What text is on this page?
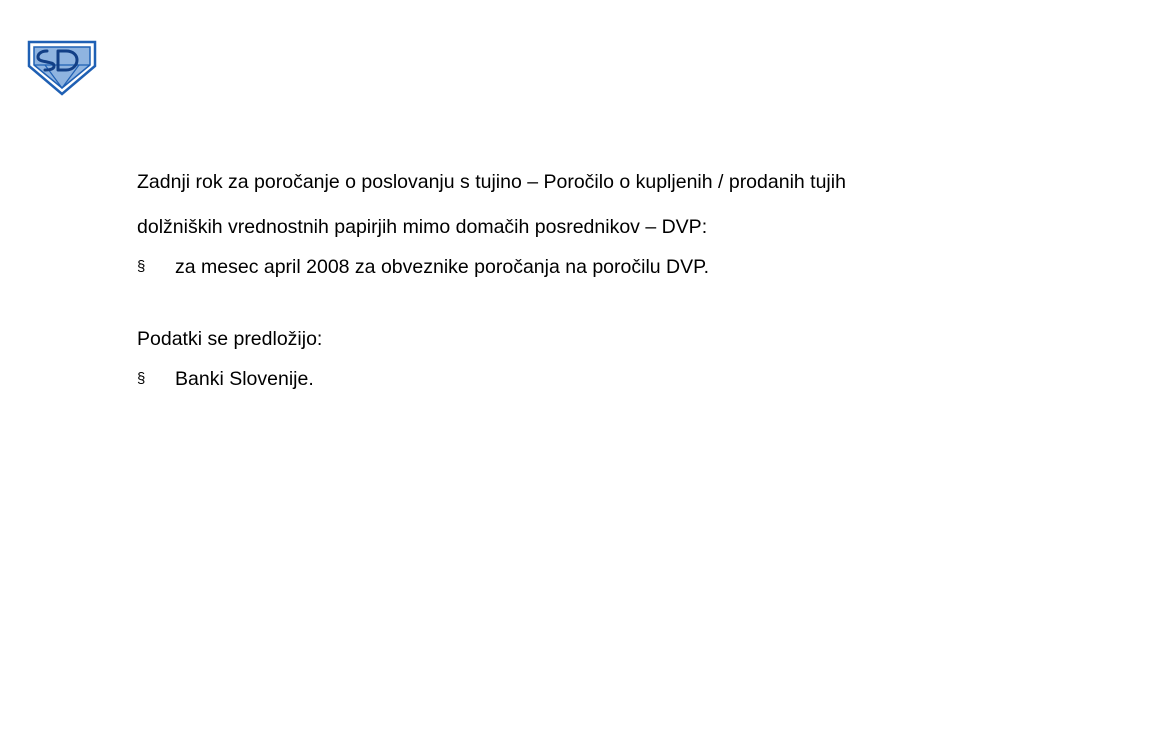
Zadnji rok za poročanje o poslovanju s tujino – Poročilo o kupljenih / prodanih tujih
dolžniških vrednostnih papirjih mimo domačih posrednikov – DVP:

§ za mesec april 2008 za obveznike poročanja na poročilu DVP.

Podatki se predložijo:

§ Banki Slovenije.
